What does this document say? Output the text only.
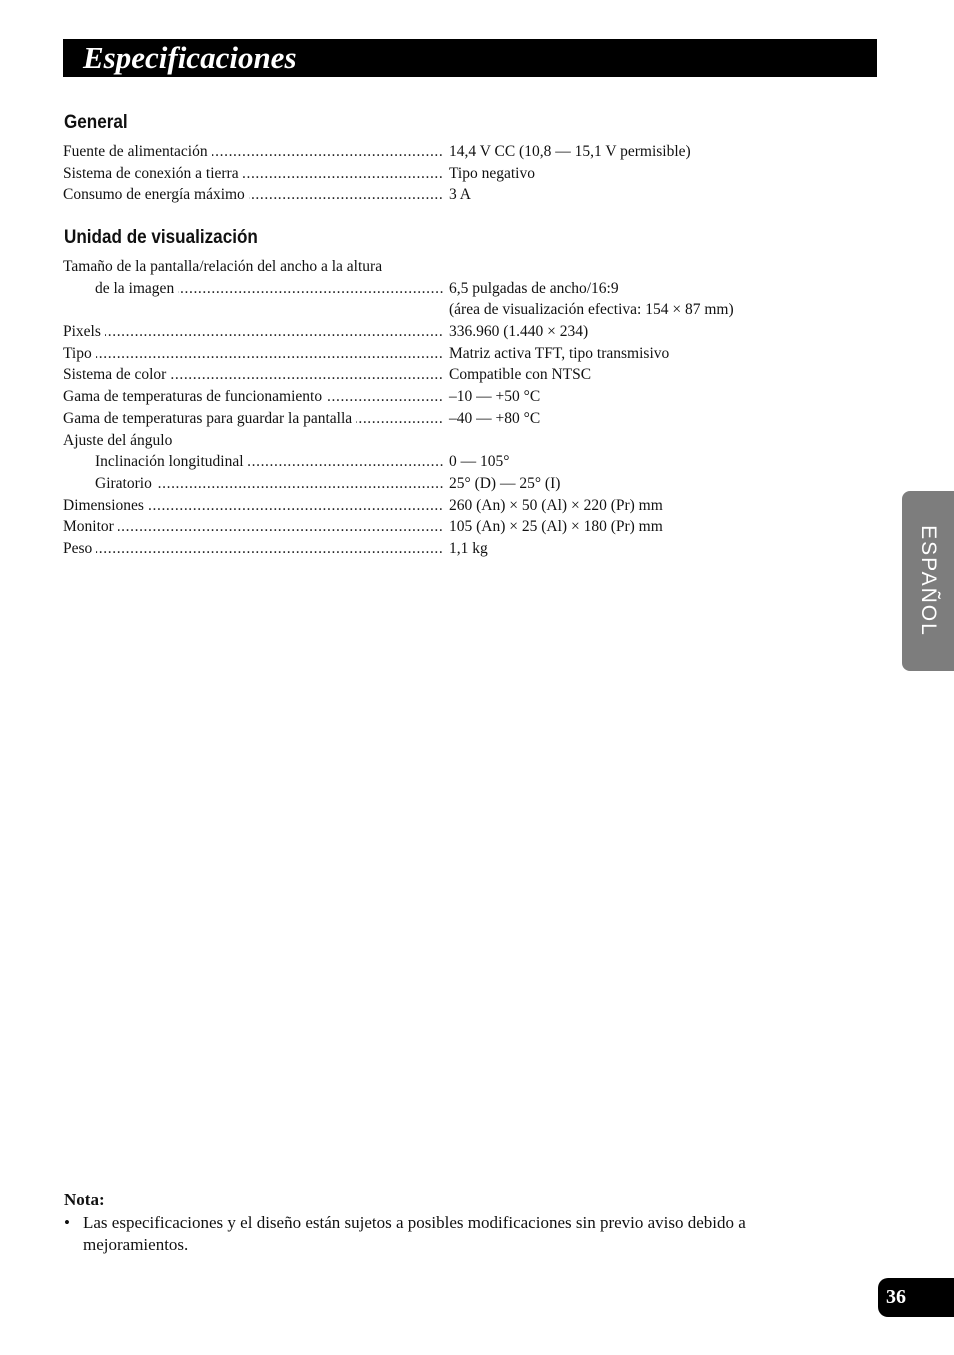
Especificaciones
General
Fuente de alimentación .....	14,4 V CC (10,8 — 15,1 V permisible)
Sistema de conexión a tierra .....	Tipo negativo
Consumo de energía máximo .....	3 A
Unidad de visualización
Tamaño de la pantalla/relación del ancho a la altura
de la imagen .....	6,5 pulgadas de ancho/16:9
(área de visualización efectiva: 154 × 87 mm)
Pixels .....	336.960 (1.440 × 234)
Tipo .....	Matriz activa TFT, tipo transmisivo
Sistema de color .....	Compatible con NTSC
Gama de temperaturas de funcionamiento .....	–10 — +50 °C
Gama de temperaturas para guardar la pantalla .....	–40 — +80 °C
Ajuste del ángulo
Inclinación longitudinal .....	0 — 105°
Giratorio .....	25° (D) — 25° (I)
Dimensiones .....	260 (An) × 50 (Al) × 220 (Pr) mm
Monitor .....	105 (An) × 25 (Al) × 180 (Pr) mm
Peso .....	1,1 kg	ESPAÑOL
Nota:
• Las especificaciones y el diseño están sujetos a posibles modificaciones sin previo aviso debido a mejoramientos.
36
